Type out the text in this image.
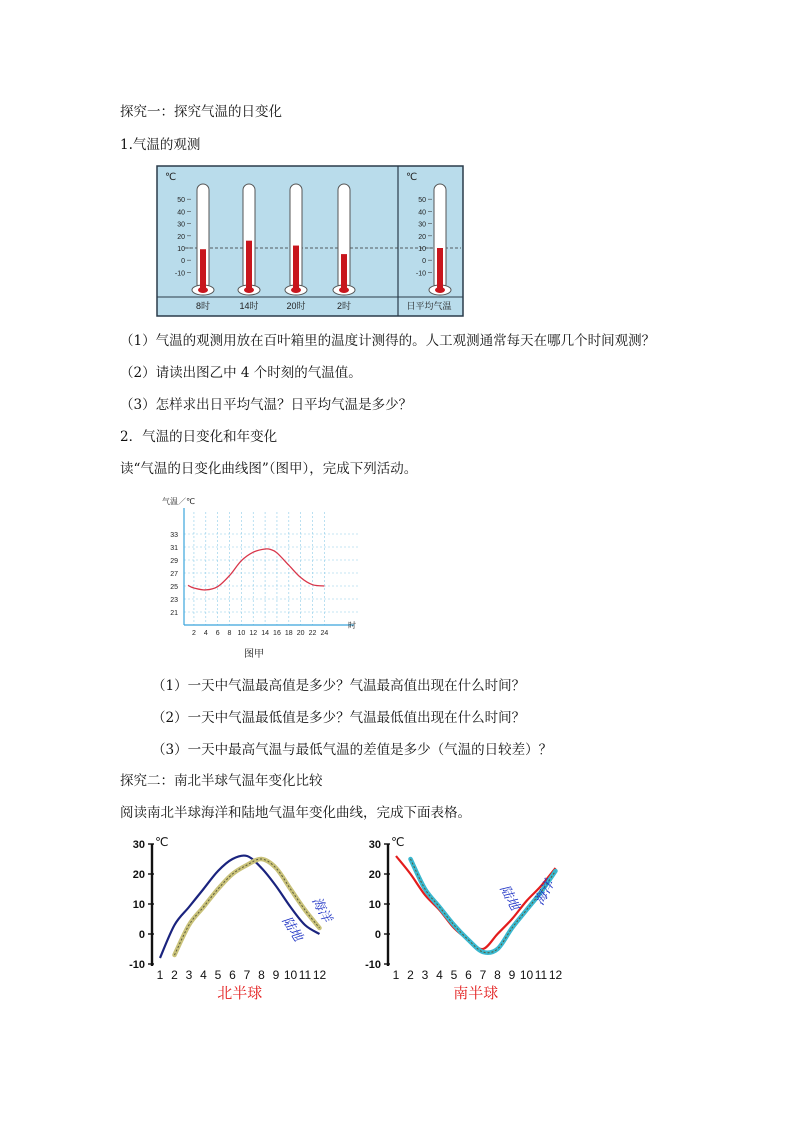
探究一：探究气温的日变化
1.气温的观测
℃
50
40
30
20
10
0
-10
℃
50
40
30
20
10
0
-10
8时	14时	20时	2时	日平均气温
（1）气温的观测用放在百叶箱里的温度计测得的。人工观测通常每天在哪几个时间观测？
（2）请读出图乙中 4 个时刻的气温值。
（3）怎样求出日平均气温？日平均气温是多少？
2．气温的日变化和年变化
读“气温的日变化曲线图”（图甲），完成下列活动。
气温／℃
21
23
25
27
29
31
33
2 4 6 8 10 12 14 16 18 20 22 24
时
图甲
（1）一天中气温最高值是多少？气温最高值出现在什么时间？
（2）一天中气温最低值是多少？气温最低值出现在什么时间？
（3）一天中最高气温与最低气温的差值是多少（气温的日较差）？
探究二：南北半球气温年变化比较
阅读南北半球海洋和陆地气温年变化曲线，完成下面表格。
℃
30
20
10
0
-10
1 2 3 4 5 6 7 8 9 10 11 12
北半球
海洋
陆地
℃
30
20
10
0
-10
1 2 3 4 5 6 7 8 9 10 11 12
南半球
陆地 海洋
